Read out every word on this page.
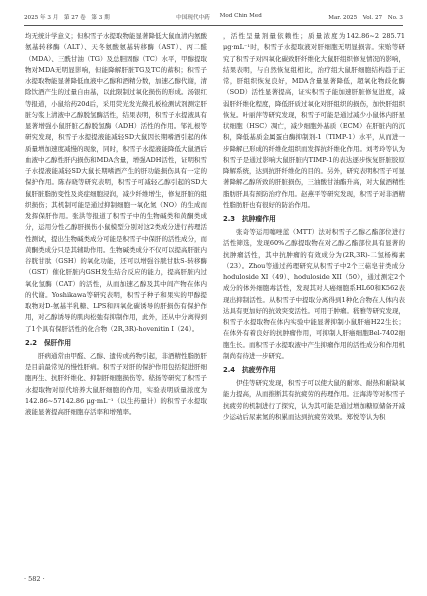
2025 年 3 月　第 27 卷　第 3 期	中国现代中药 Mod Chin Med	Mar. 2025　Vol. 27　No. 3

均无统计学意义；但积雪子水提取物能显著降低大鼠血清内氨酸氨基转移酶（ALT）、天冬氨酸氨基转移酶（AST）、丙二醛（MDA）、三酰甘油（TG）及总胆固醇（TC）水平，甲醇提取物对MDA无明显影响，但能降解肝脏TG及TC的蓄积；积雪子水提取物能显著降低血液中乙醇和酒精分数，加速乙醇代谢，清除饮酒产生的过量自由基，以此限制过氧化损伤的形成。汤银红等报道，小鼠给药20d后，采用荧光发光微孔板检测试剂测定肝脏匀浆上清液中乙醇脱氢酶活性，结果表明，积雪子水提液具有显著增强小鼠肝脏乙醇脱氢酶（ADH）活性的作用。邹礼根等研究发现，积雪子水提提液能减轻SD大鼠因长期嗜酒引起的体质量增加速度减慢的现象，同时，积雪子水提液能降低大鼠酒后血液中乙醇性肝内损伤和MDA含量，增强ADH活性，证明积雪子水提液能减轻SD大鼠长期嗜酒产生的肝功能损伤具有一定的保护作用。陈春晓等研究表明，积雪子可减轻乙醇引起的SD大鼠肝脏脂肪变性及炎症细胞浸润，减少纤维增生，修复肝脏的组织损伤；其机制可能是通过抑制细胞一氧化氮（NO）的生成而发挥保肝作用。张洪等报道了积雪子中的生物碱类和黄酮类成分，运用分性乙醇肝损伤小鼠模型分别对这2类成分进行药理活性测试，提出生物碱类成分可能是积雪子中保肝的活性成分，而黄酮类成分只是其辅助作用。生物碱类成分不仅可以提高肝脏内谷胱甘肽（GSH）的氧化功能，还可以增强谷胱甘肽S-转移酶（GST）催化肝脏内GSH发生结合反应的能力，提高肝脏内过氧化氢酶（CAT）的活性，从而加速乙醇及其中间产物在体内的代谢。Yoshikawa等研究表明，积雪子种子和果实的甲醇提取物对D-氨基半乳糖、LPS和四氧化碳诱导的肝损伤有保护作用，对乙醇诱导的肌肉松弛有抑制作用，此外，还从中分离得到了1个具有保肝活性的化合物（2R,3R)-hovenitin I（24）。

2.2　保肝作用

肝病通常由甲醛、乙醇、遗传或药物引起，非酒精性脂肪肝是目前最常见的慢性肝病。积雪子对肝的保护作用包括促进肝细胞再生、抗肝纤维化、抑制肝细胞损伤等。嵇扬等研究了积雪子水提取物对原代培养大鼠肝细胞的作用，实验表明质量浓度为142.86~57142.86 μg·mL⁻¹（以生药量计）的积雪子水提取液能显著提高肝细胞存活率和增殖率。

，活性呈量剂量依赖性；质量浓度为142.86~2 285.71 μg·mL⁻¹时，积雪子水提取液对肝细胞无明显损害。宋贻等研究了积雪子对四氧化碳致肝纤维化大鼠肝组织修复情况的影响，结果表明，与自然恢复组相比，治疗组大鼠肝细胞结构趋于正常，肝组织恢复良好，MDA含量显著降低，超氧化物歧化酶（SOD）活性显著提高，证实积雪子能加速肝脏修复进度，减弱肝纤维化程度，降低肝质过氧化对肝组织的损伤，加快肝组织恢复。叶丽萍等研究发现，积雪子可能是通过减少小鼠体内肝星状细胞（HSC）凋亡，减少细胞外基质（ECM）在肝脏内的沉积，降低基质金属蛋白酶抑制剂-1（TIMP-1）水平，从而进一步降解已形成的纤维化组织而发挥抗纤维化作用。刘考玲等认为积雪子是通过影响大鼠肝脏内TIMP-1的表达逐步恢复肝脏胶原降解系统，达到抗肝纤维化的目的。另外，研究表明积雪子可显著降解乙醇所致的肝脏损伤，三油酸甘油酯升高，对大鼠酒精性脂肪肝具有预防治疗作用。赵燕平等研究发现，积雪子对非酒精性脂肪肝也有很好的防治作用。

2.3　抗肿瘤作用

张奇等运用噻唑蓝（MTT）法对积雪子乙醇乙酯部位进行活性筛选，发现60%乙醇提取物在对乙醇乙酯部位具有显著的抗肿瘤活性，其中抗肿瘤的有效成分为(2R,3R)-二氢杨梅素（23）。Zhou等通过药理研究从积雪子中2个三萜皂苷类成分hoduloside XI（49）、hoduloside XII（50），通过测定2个成分的体外细胞毒活性，发现其对人癌细胞系HL60和K562表现出抑制活性。从积雪子中提取分离得到1种化合物在人体内表达具有更加好的抗效突变活性。可用于肿瘤。嵇雅等研究发现，积雪子水提取物在体内实验中能显著抑制小鼠肝癌H22生长；在体外有着良好的抗肿瘤作用，可抑制人肝癌细胞Bel-7402细胞生长。而积雪子水提取液中产生抑瘤作用的活性成分和作用机制尚有待进一步研究。

2.4　抗疲劳作用

伊佳等研究发现，积雪子可以使大鼠的耐寒、耐热和耐缺氧能力提高，从而推断其有抗疲劳的药理作用。汪海涛等对积雪子抗疲劳的机制进行了探究，认为其可能是通过增加糖原储备开减少运动后尿素氮的积累而达到抗疲劳效果。郑悦等认为积

· 582 ·
